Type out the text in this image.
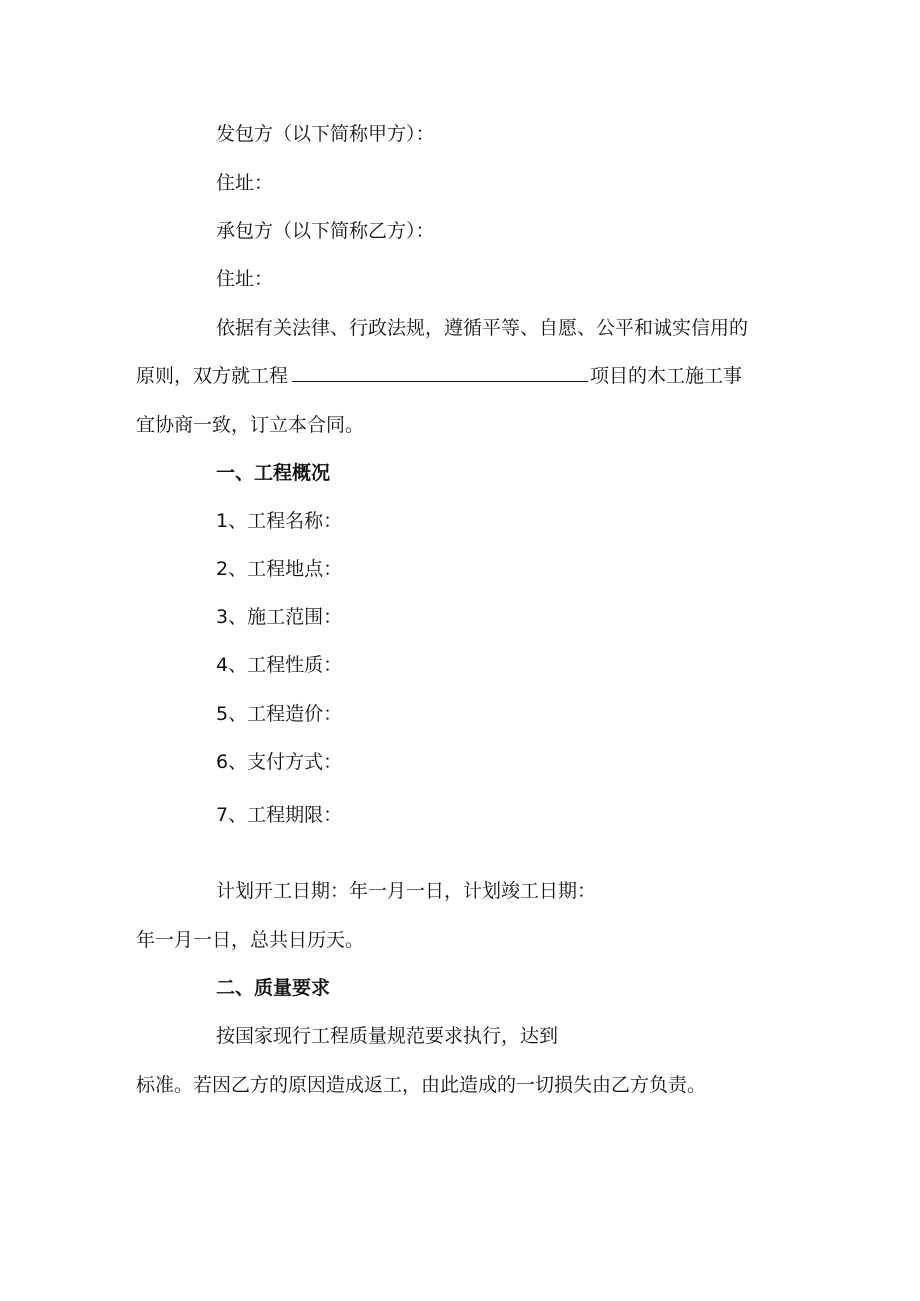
发包方（以下简称甲方）：
住址：
承包方（以下简称乙方）：
住址：
依据有关法律、行政法规，遵循平等、自愿、公平和诚实信用的
原则，双方就工程	项目的木工施工事
宜协商一致，订立本合同。
一、工程概况
1、工程名称：
2、工程地点：
3、施工范围：
4、工程性质：
5、工程造价：
6、支付方式：
7、工程期限：
计划开工日期：年一月一日，计划竣工日期：
年一月一日，总共日历天。
二、质量要求
按国家现行工程质量规范要求执行，达到
标准。若因乙方的原因造成返工，由此造成的一切损失由乙方负责。
